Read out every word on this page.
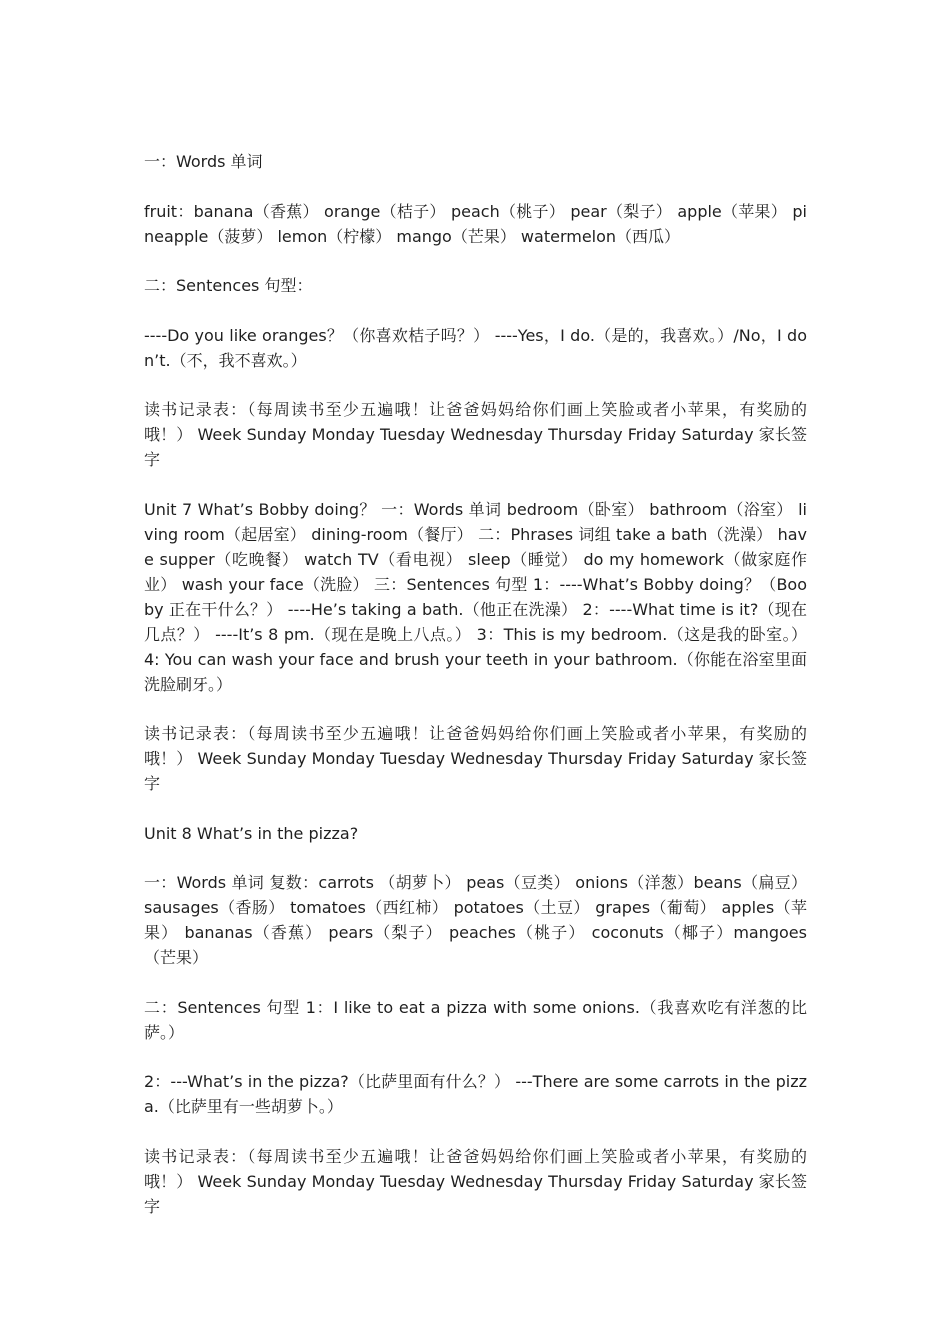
一：Words 单词

fruit：banana（香蕉） orange（桔子） peach（桃子） pear（梨子） apple（苹果） pineapple（菠萝） lemon（柠檬） mango（芒果） watermelon（西瓜）

二：Sentences 句型：

----Do you like oranges？（你喜欢桔子吗？） ----Yes，I do.（是的，我喜欢。）/No，I don’t.（不，我不喜欢。）

读书记录表：（每周读书至少五遍哦！让爸爸妈妈给你们画上笑脸或者小苹果，有奖励的哦！） Week Sunday Monday Tuesday Wednesday Thursday Friday Saturday 家长签 字

Unit 7 What’s Bobby doing？ 一：Words 单词 bedroom（卧室） bathroom（浴室） living room（起居室） dining-room（餐厅） 二：Phrases 词组 take a bath（洗澡） have supper（吃晚餐） watch TV（看电视） sleep（睡觉） do my homework（做家庭作业） wash your face（洗脸） 三：Sentences 句型 1：----What’s Bobby doing？（Booby 正在干什么？） ----He’s taking a bath.（他正在洗澡） 2：----What time is it?（现在几点？） ----It’s 8 pm.（现在是晚上八点。） 3：This is my bedroom.（这是我的卧室。） 4: You can wash your face and brush your teeth in your bathroom.（你能在浴室里面洗脸刷牙。）

读书记录表：（每周读书至少五遍哦！让爸爸妈妈给你们画上笑脸或者小苹果，有奖励的哦！） Week Sunday Monday Tuesday Wednesday Thursday Friday Saturday 家长签 字

Unit 8 What’s in the pizza?

一：Words 单词 复数：carrots （胡萝卜） peas（豆类） onions（洋葱）beans（扁豆） sausages（香肠） tomatoes（西红柿） potatoes（土豆） grapes（葡萄） apples（苹果） bananas（香蕉） pears（梨子） peaches（桃子） coconuts（椰子）mangoes（芒果）

二：Sentences 句型 1：I like to eat a pizza with some onions.（我喜欢吃有洋葱的比萨。）

2：---What’s in the pizza?（比萨里面有什么？） ---There are some carrots in the pizza.（比萨里有一些胡萝卜。）

读书记录表：（每周读书至少五遍哦！让爸爸妈妈给你们画上笑脸或者小苹果，有奖励的哦！） Week Sunday Monday Tuesday Wednesday Thursday Friday Saturday 家长签 字
